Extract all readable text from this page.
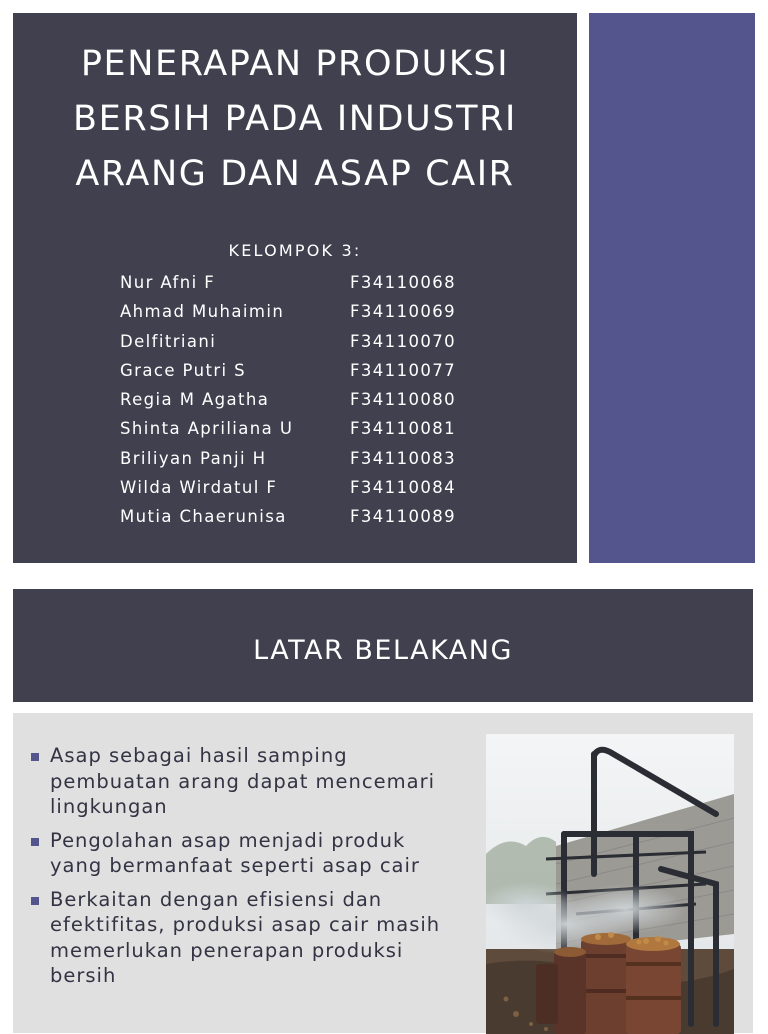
PENERAPAN PRODUKSI
BERSIH PADA INDUSTRI
ARANG DAN ASAP CAIR
KELOMPOK 3:
Nur Afni F	F34110068
Ahmad Muhaimin	F34110069
Delfitriani	F34110070
Grace Putri S	F34110077
Regia M Agatha	F34110080
Shinta Apriliana U	F34110081
Briliyan Panji H	F34110083
Wilda Wirdatul F	F34110084
Mutia Chaerunisa	F34110089
LATAR BELAKANG
Asap sebagai hasil samping pembuatan arang dapat mencemari lingkungan
Pengolahan asap menjadi produk yang bermanfaat seperti asap cair
Berkaitan dengan efisiensi dan efektifitas, produksi asap cair masih memerlukan penerapan produksi bersih
